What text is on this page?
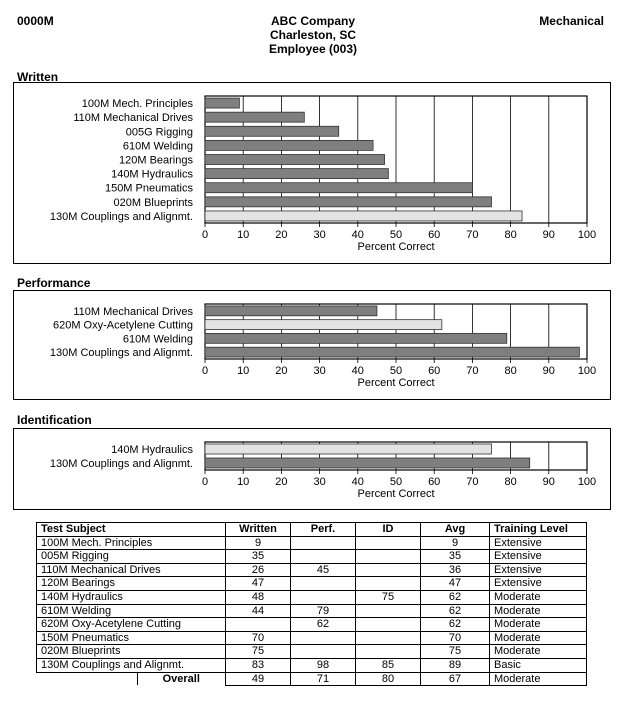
0000M	Mechanical
ABC Company
Charleston, SC
Employee (003)
Written
Performance
Identification
0	10 20 30 40 50 60 70 80 90 100
Percent Correct
100M Mech. Principles
110M Mechanical Drives
005G Rigging
610M Welding
120M Bearings
140M Hydraulics
150M Pneumatics
020M Blueprints
130M Couplings and Alignmt.
0	10 20 30 40 50 60 70 80 90 100
Percent Correct
110M Mechanical Drives
620M Oxy-Acetylene Cutting
610M Welding
130M Couplings and Alignmt.
0	10 20 30 40 50 60 70 80 90 100
Percent Correct
140M Hydraulics
130M Couplings and Alignmt.
Test Subject	Written	Perf.	ID	Avg	Training Level
100M Mech. Principles	9			9	Extensive
005M Rigging	35			35	Extensive
110M Mechanical Drives	26	45		36	Extensive
120M Bearings	47			47	Extensive
140M Hydraulics	48		75	62	Moderate
610M Welding	44	79		62	Moderate
620M Oxy-Acetylene Cutting		62		62	Moderate
150M Pneumatics	70			70	Moderate
020M Blueprints	75			75	Moderate
130M Couplings and Alignmt.	83	98	85	89	Basic

Overall	49	71	80	67	Moderate
